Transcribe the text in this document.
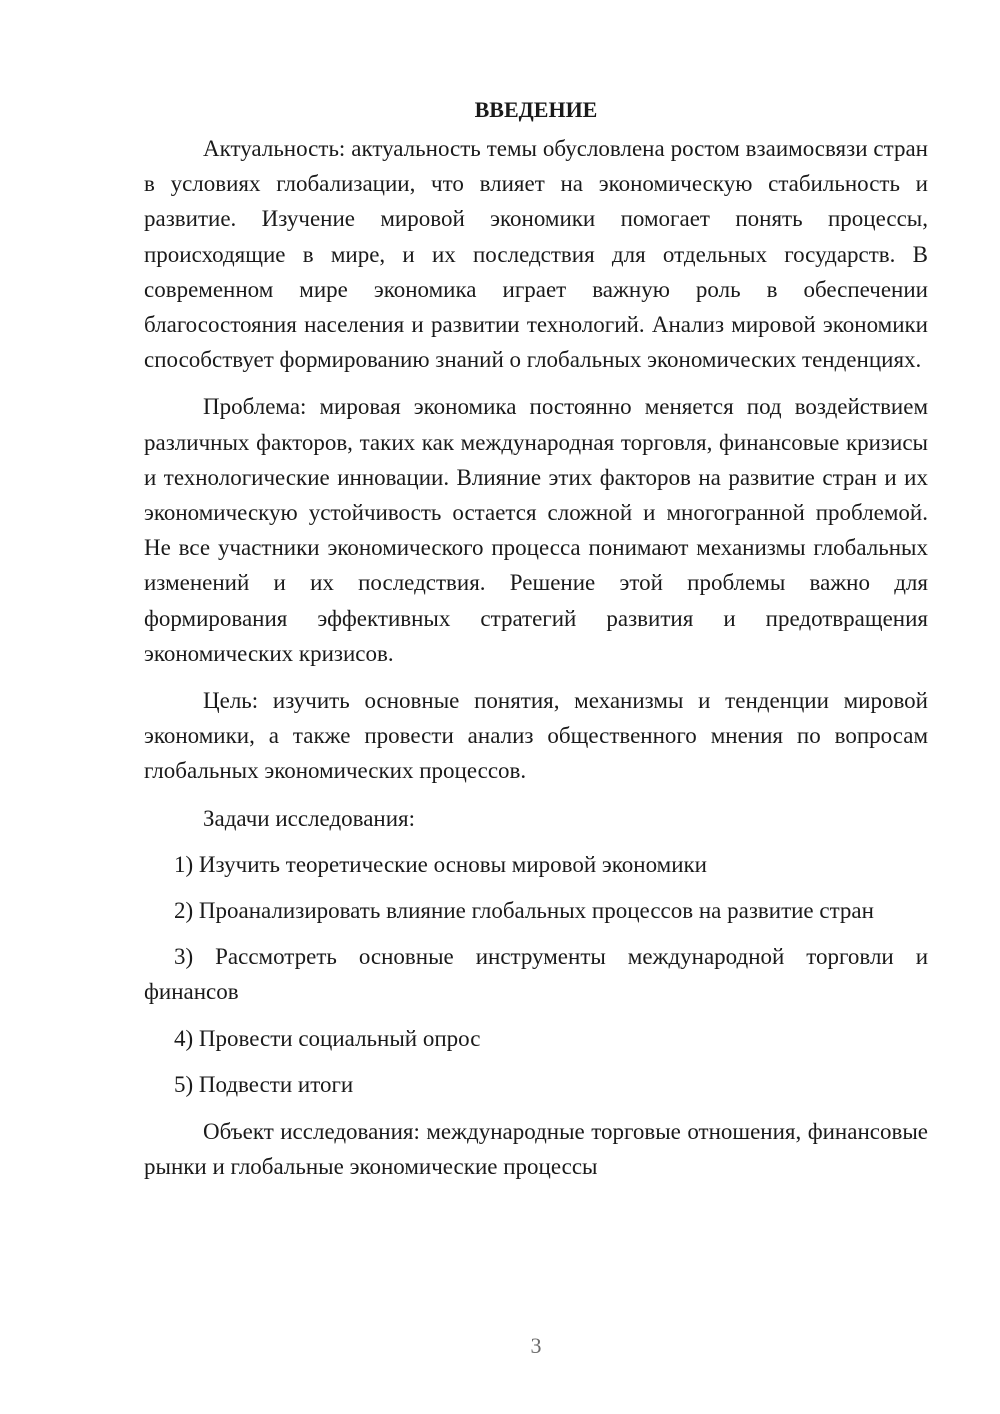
ВВЕДЕНИЕ

Актуальность: актуальность темы обусловлена ростом взаимосвязи стран в условиях глобализации, что влияет на экономическую стабильность и развитие. Изучение мировой экономики помогает понять процессы, происходящие в мире, и их последствия для отдельных государств. В современном мире экономика играет важную роль в обеспечении благосостояния населения и развитии технологий. Анализ мировой экономики способствует формированию знаний о глобальных экономических тенденциях.

Проблема: мировая экономика постоянно меняется под воздействием различных факторов, таких как международная торговля, финансовые кризисы и технологические инновации. Влияние этих факторов на развитие стран и их экономическую устойчивость остается сложной и многогранной проблемой. Не все участники экономического процесса понимают механизмы глобальных изменений и их последствия. Решение этой проблемы важно для формирования эффективных стратегий развития и предотвращения экономических кризисов.

Цель: изучить основные понятия, механизмы и тенденции мировой экономики, а также провести анализ общественного мнения по вопросам глобальных экономических процессов.

Задачи исследования:

1) Изучить теоретические основы мировой экономики

2) Проанализировать влияние глобальных процессов на развитие стран

3) Рассмотреть основные инструменты международной торговли и финансов

4) Провести социальный опрос

5) Подвести итоги

Объект исследования: международные торговые отношения, финансовые рынки и глобальные экономические процессы

3
